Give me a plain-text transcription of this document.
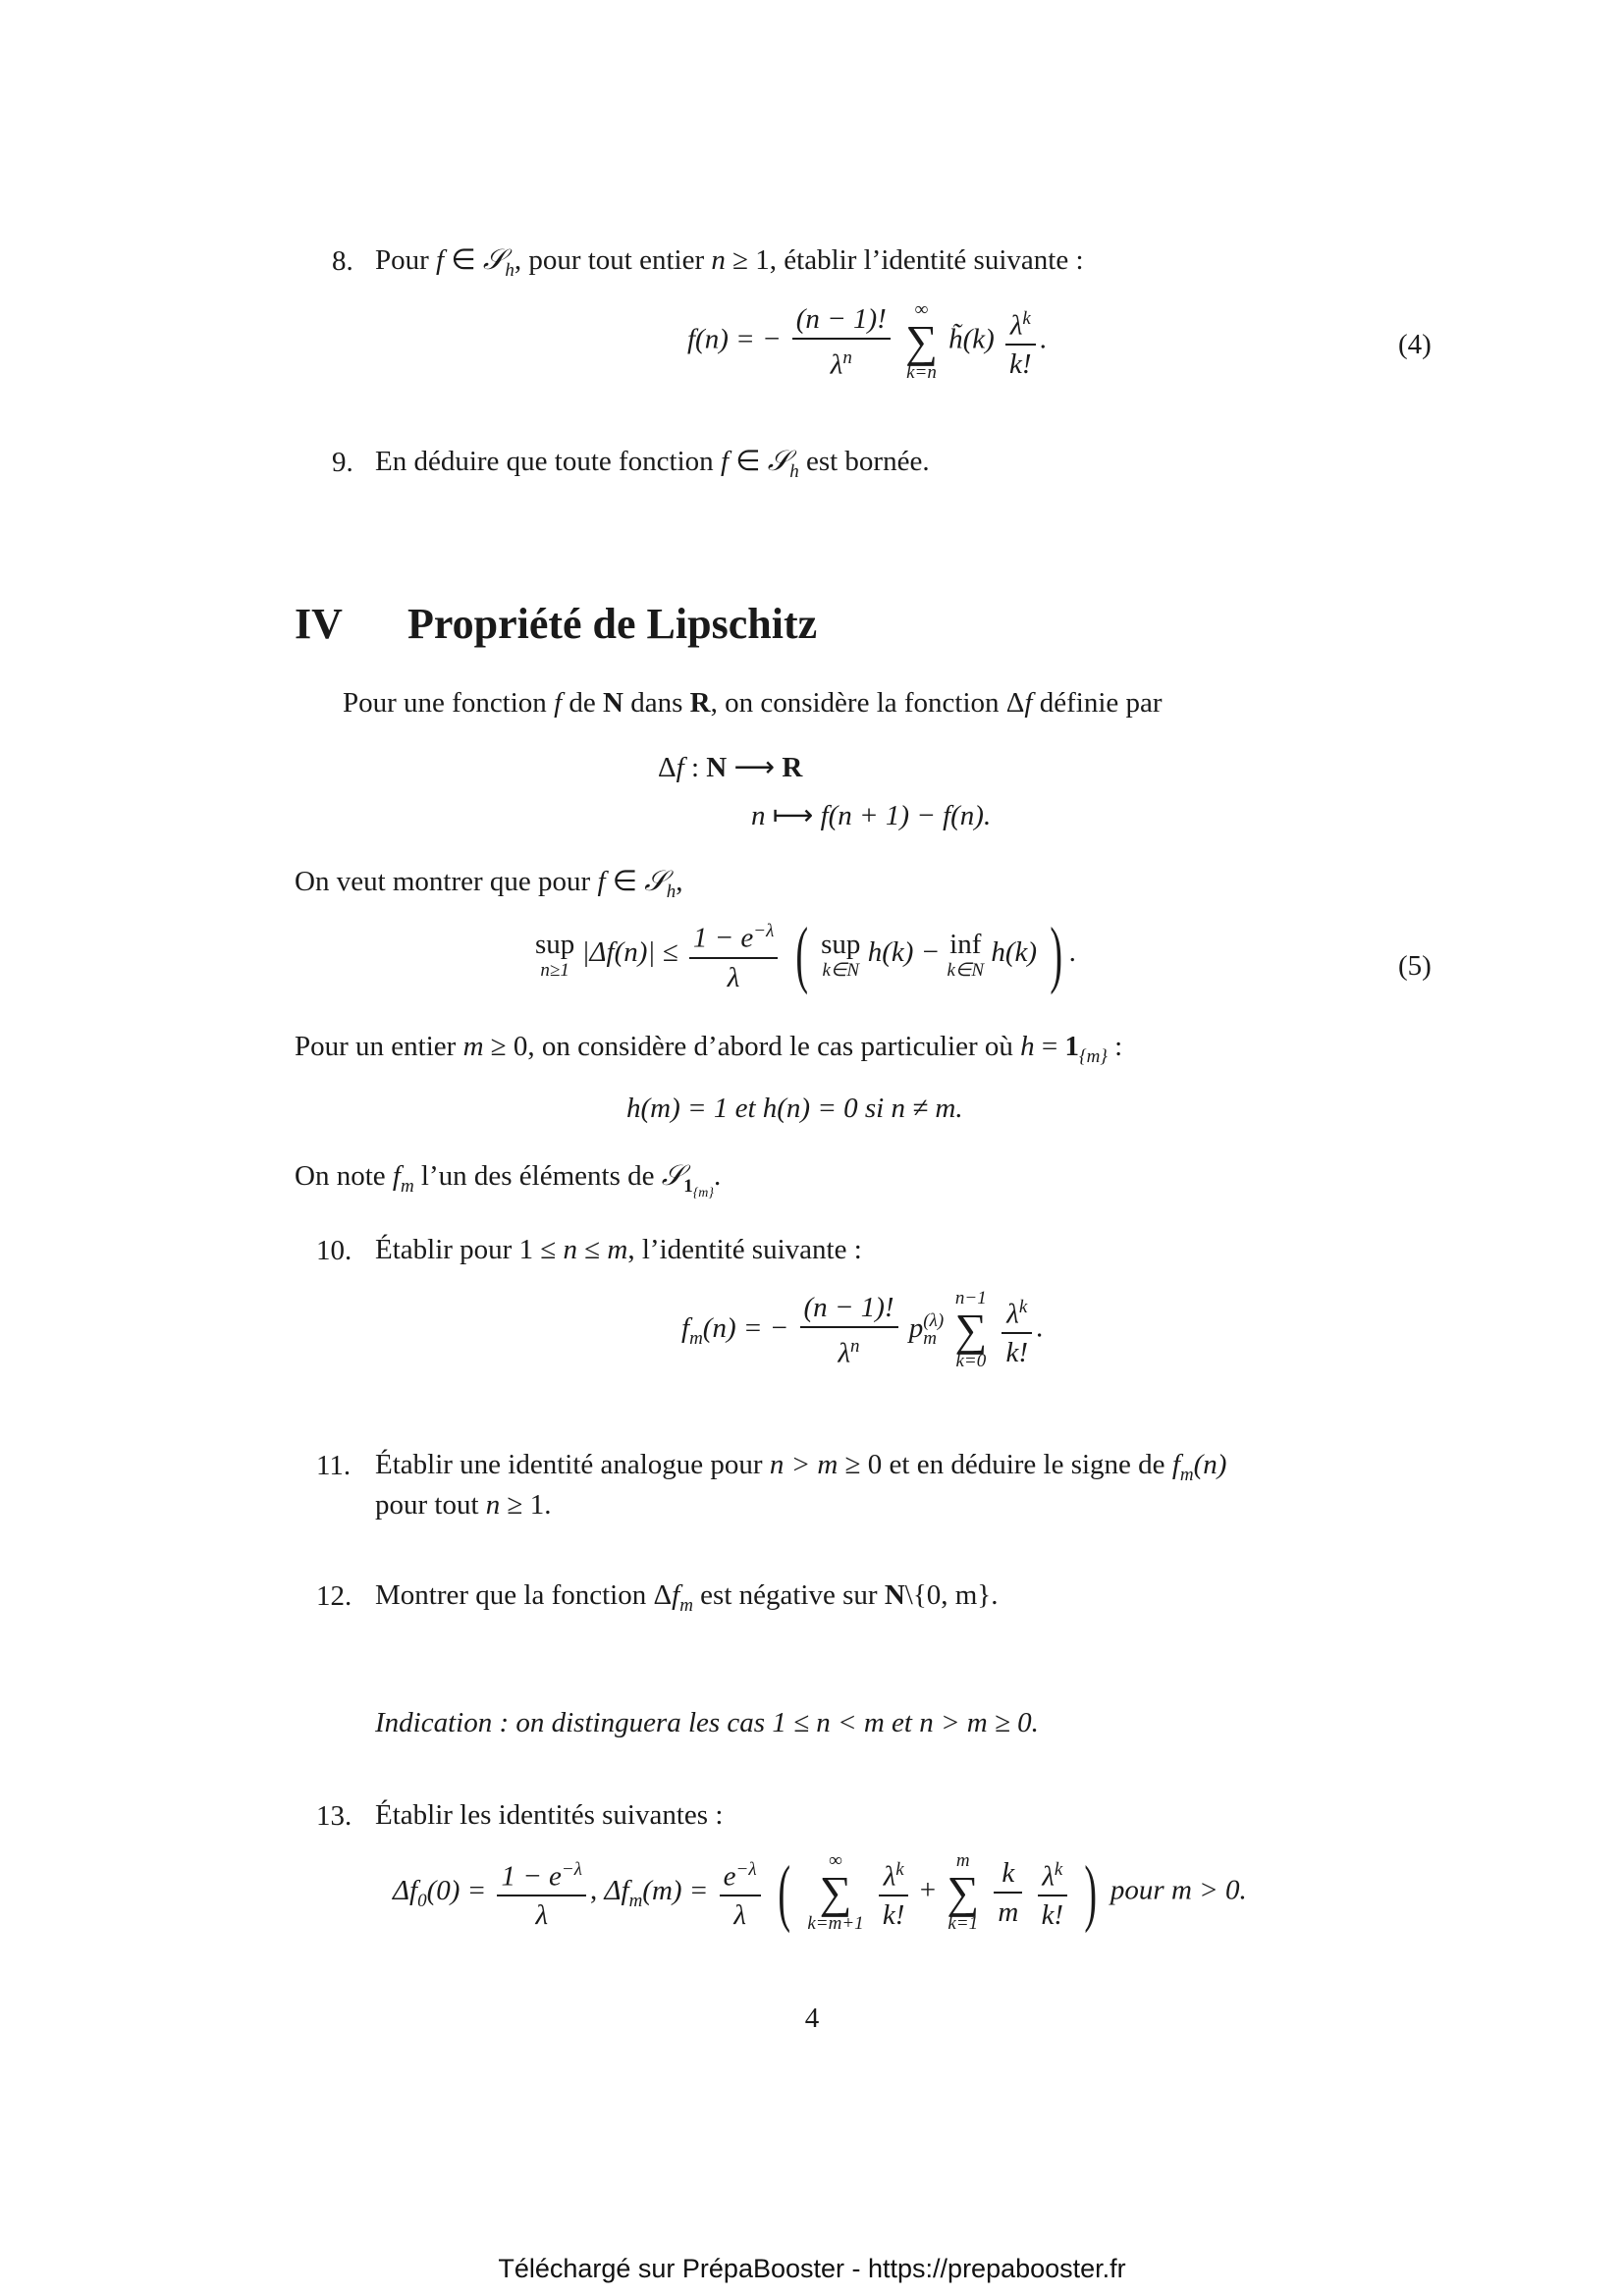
8. Pour f ∈ 𝒮$_h$, pour tout entier n ≥ 1, établir l’identité suivante :
f(n) = − $\frac{(n - 1)!}{\lambda^n}$
	∞
∑
k=n
h̃(k) $\frac{\lambda^k}{k!}$ .	(4)
9. En déduire que toute fonction f ∈ 𝒮$_h$ est bornée.
IV Propriété de Lipschitz
Pour une fonction f de N dans R, on considère la fonction Δf définie par
Δf : N ⟶ R
n ⟼ f(n + 1) − f(n).
On veut montrer que pour f ∈ 𝒮$_h$,
sup
n≥1
$|\Delta f(n)| \le \frac{1 - e^{-\lambda}}{\lambda}$ ( sup
k∈N
h(k) − inf
k∈N
h(k) ) .	(5)
Pour un entier m ≥ 0, on considère d’abord le cas particulier où $h = 1_{\{m\}}$ :
h(m) = 1 et h(n) = 0 si n ≠ m.
On note $f_m$ l’un des éléments de 𝒮$_{1_{\{m\}}}$.
10. Établir pour 1 ≤ n ≤ m, l’identité suivante :
$f_m(n)$ = − $\frac{(n - 1)!}{\lambda^n}$ p (λ)
m

n−1
∑
k=0
$\frac{\lambda^k}{k!}$ .
11. Établir une identité analogue pour n > m ≥ 0 et en déduire le signe de $f_m(n)$
pour tout n ≥ 1.
12. Montrer que la fonction $\Delta f_m$ est négative sur N\{0, m}.
Indication : on distinguera les cas 1 ≤ n < m et n > m ≥ 0.
13. Établir les identités suivantes :
$\Delta f_0(0) = \frac{1 - e^{-\lambda}}{\lambda}$ , $\Delta f_m(m) = \frac{e^{-\lambda}}{\lambda}$ (	∞
∑
k=m+1
$\frac{\lambda^k}{k!}$ +
m
∑
k=1
$\frac{k}{m}$
$\frac{\lambda^k}{k!}$ ) pour m > 0.
4
Téléchargé sur PrépaBooster - https://prepabooster.fr
